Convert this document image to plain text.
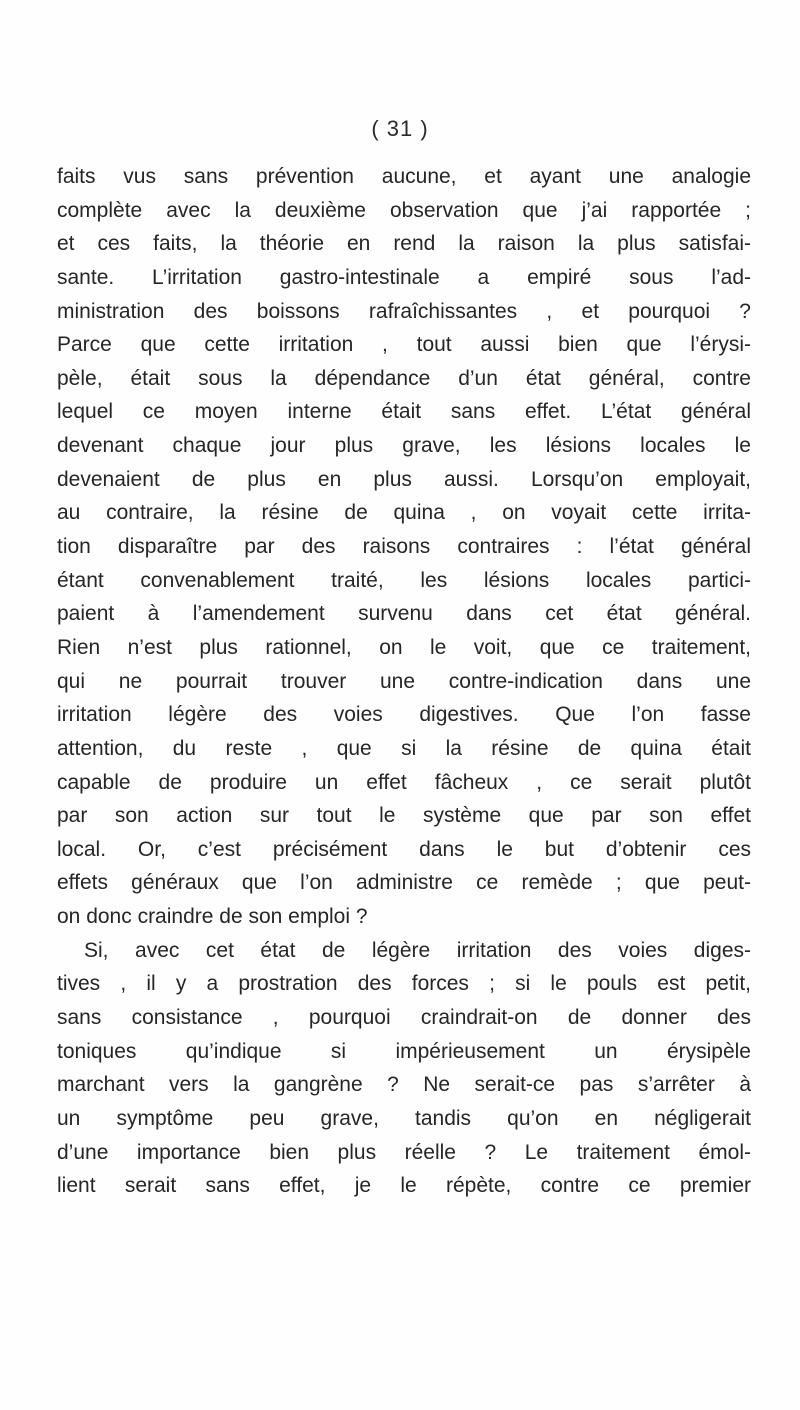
( 31 )
faits vus sans prévention aucune, et ayant une analogie
complète avec la deuxième observation que j’ai rapportée ;
et ces faits, la théorie en rend la raison la plus satisfai-
sante. L’irritation gastro-intestinale a empiré sous l’ad-
ministration des boissons rafraîchissantes , et pourquoi ?
Parce que cette irritation , tout aussi bien que l’érysi-
pèle, était sous la dépendance d’un état général, contre
lequel ce moyen interne était sans effet. L’état général
devenant chaque jour plus grave, les lésions locales le
devenaient de plus en plus aussi. Lorsqu’on employait,
au contraire, la résine de quina , on voyait cette irrita-
tion disparaître par des raisons contraires : l’état général
étant convenablement traité, les lésions locales partici-
paient à l’amendement survenu dans cet état général.
Rien n’est plus rationnel, on le voit, que ce traitement,
qui ne pourrait trouver une contre-indication dans une
irritation légère des voies digestives. Que l’on fasse
attention, du reste , que si la résine de quina était
capable de produire un effet fâcheux , ce serait plutôt
par son action sur tout le système que par son effet
local. Or, c’est précisément dans le but d’obtenir ces
effets généraux que l’on administre ce remède ; que peut-
on donc craindre de son emploi ?
Si, avec cet état de légère irritation des voies diges-
tives , il y a prostration des forces ; si le pouls est petit,
sans consistance , pourquoi craindrait-on de donner des
toniques qu’indique si impérieusement un érysipèle
marchant vers la gangrène ? Ne serait-ce pas s’arrêter à
un symptôme peu grave, tandis qu’on en négligerait
d’une importance bien plus réelle ? Le traitement émol-
lient serait sans effet, je le répète, contre ce premier
